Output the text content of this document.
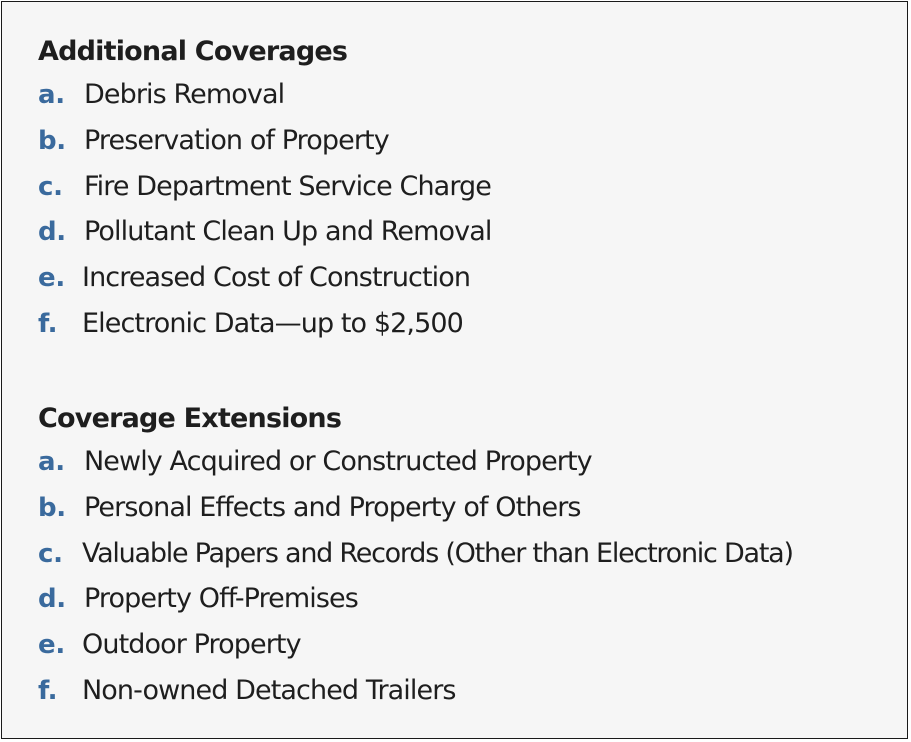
Additional Coverages
a. Debris Removal
b. Preservation of Property
c. Fire Department Service Charge
d. Pollutant Clean Up and Removal
e. Increased Cost of Construction
f. Electronic Data—up to $2,500
Coverage Extensions
a. Newly Acquired or Constructed Property
b. Personal Effects and Property of Others
c. Valuable Papers and Records (Other than Electronic Data)
d. Property Off-Premises
e. Outdoor Property
f. Non-owned Detached Trailers
